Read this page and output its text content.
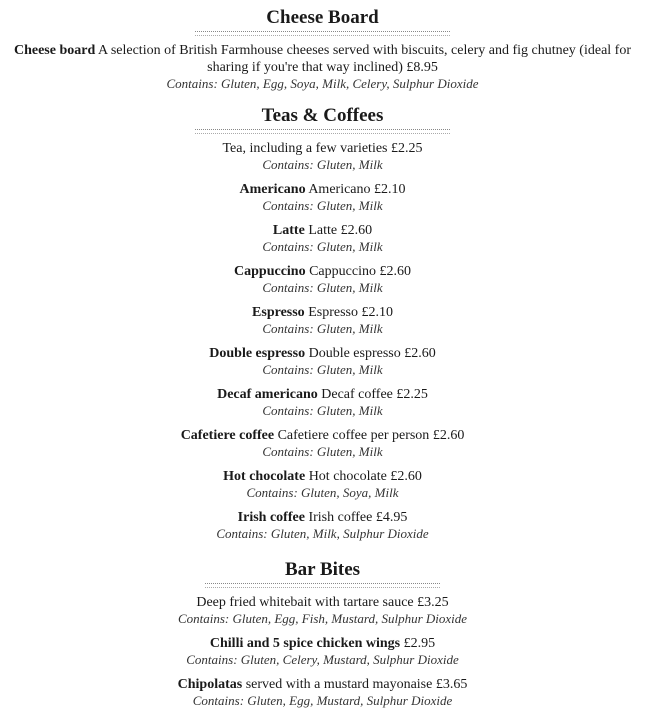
Cheese Board
Cheese board A selection of British Farmhouse cheeses served with biscuits, celery and fig chutney (ideal for sharing if you're that way inclined) £8.95
Contains: Gluten, Egg, Soya, Milk, Celery, Sulphur Dioxide
Teas & Coffees
Tea, including a few varieties £2.25
Contains: Gluten, Milk
Americano Americano £2.10
Contains: Gluten, Milk
Latte Latte £2.60
Contains: Gluten, Milk
Cappuccino Cappuccino £2.60
Contains: Gluten, Milk
Espresso Espresso £2.10
Contains: Gluten, Milk
Double espresso Double espresso £2.60
Contains: Gluten, Milk
Decaf americano Decaf coffee £2.25
Contains: Gluten, Milk
Cafetiere coffee Cafetiere coffee per person £2.60
Contains: Gluten, Milk
Hot chocolate Hot chocolate £2.60
Contains: Gluten, Soya, Milk
Irish coffee Irish coffee £4.95
Contains: Gluten, Milk, Sulphur Dioxide
Bar Bites
Deep fried whitebait with tartare sauce £3.25
Contains: Gluten, Egg, Fish, Mustard, Sulphur Dioxide
Chilli and 5 spice chicken wings £2.95
Contains: Gluten, Celery, Mustard, Sulphur Dioxide
Chipolatas served with a mustard mayonaise £3.65
Contains: Gluten, Egg, Mustard, Sulphur Dioxide
